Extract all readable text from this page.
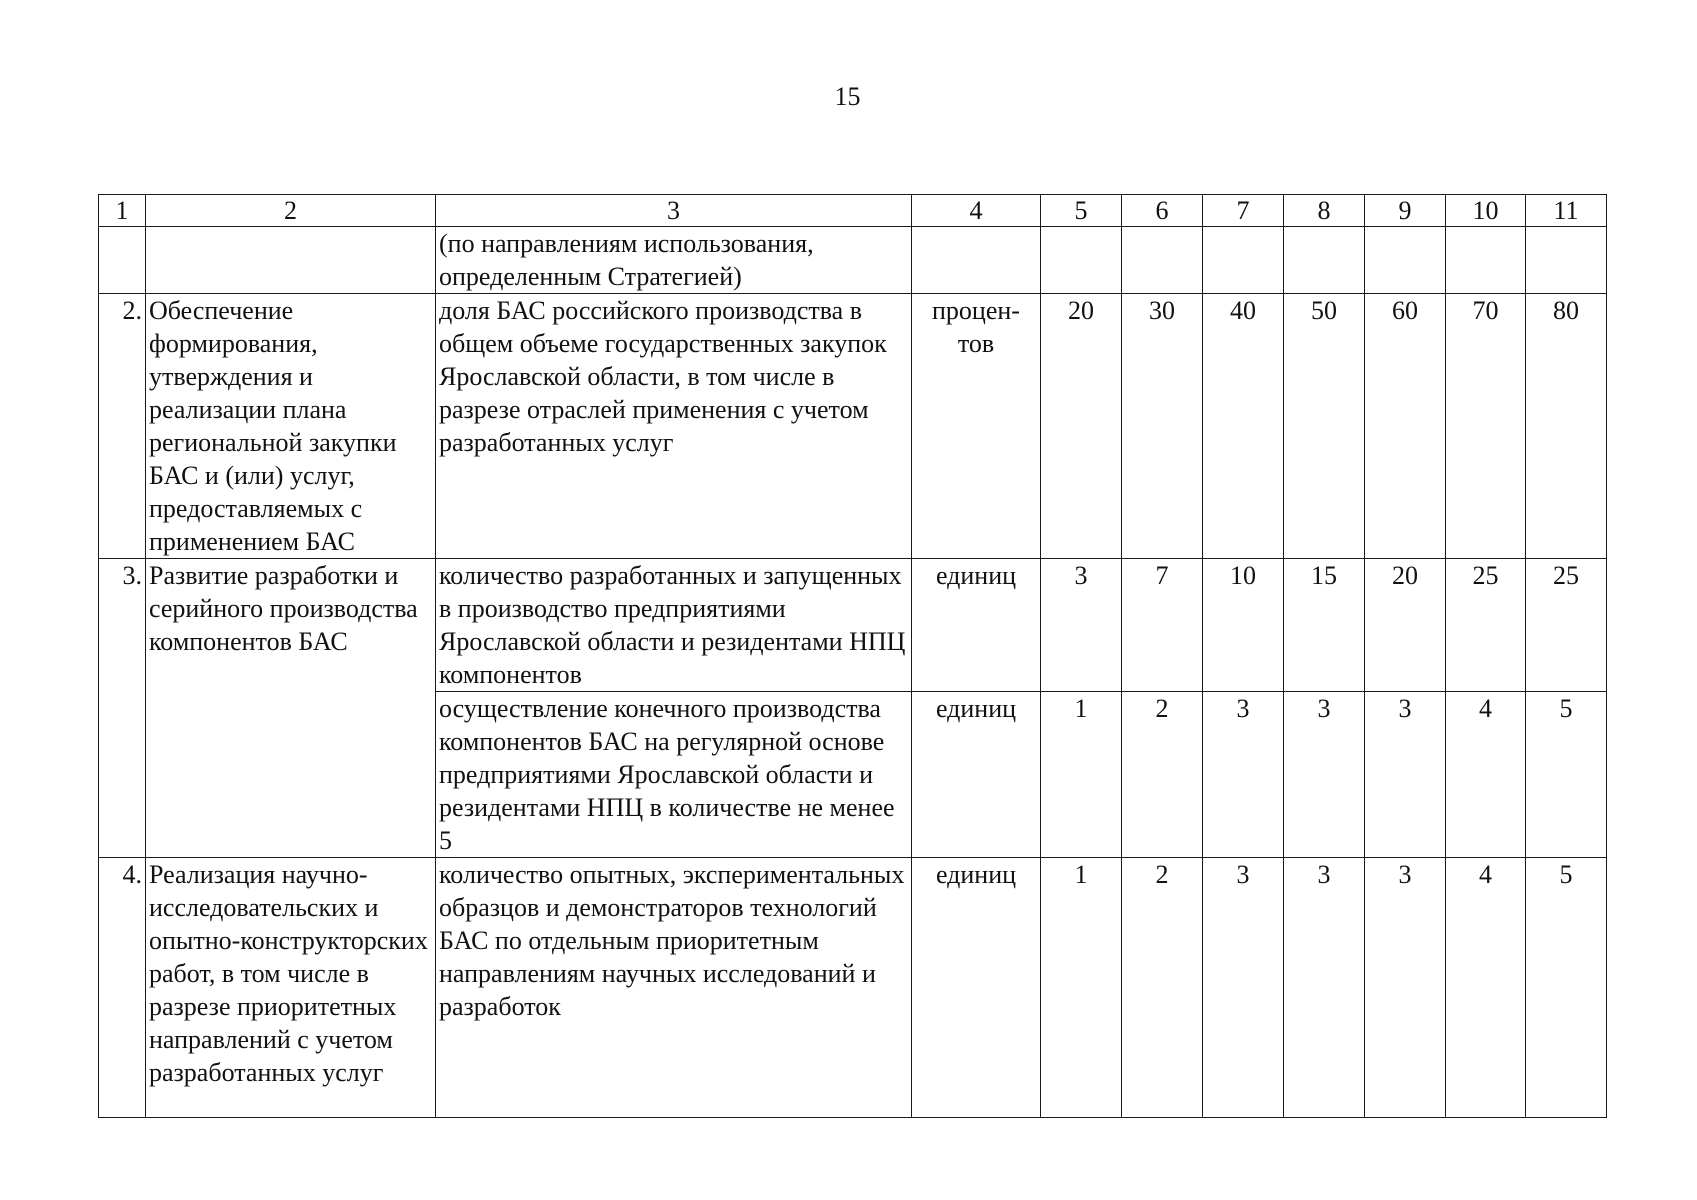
15
1	2	3	4	5	6	7	8	9	10	11
		(по направлениям использования, определенным Стратегией)								
2.	Обеспечение формирования, утверждения и реализации плана региональной закупки БАС и (или) услуг, предоставляемых с применением БАС	доля БАС российского производства в общем объеме государственных закупок Ярославской области, в том числе в разрезе отраслей применения с учетом разработанных услуг	процен-тов	20	30	40	50	60	70	80
3.	Развитие разработки и серийного производства компонентов БАС	количество разработанных и запущенных в производство предприятиями Ярославской области и резидентами НПЦ компонентов	единиц	3	7	10	15	20	25	25
		осуществление конечного производства компонентов БАС на регулярной основе предприятиями Ярославской области и резидентами НПЦ в количестве не менее 5	единиц	1	2	3	3	3	4	5
4.	Реализация научно-исследовательских и опытно-конструкторских работ, в том числе в разрезе приоритетных направлений с учетом разработанных услуг	количество опытных, экспериментальных образцов и демонстраторов технологий БАС по отдельным приоритетным направлениям научных исследований и разработок	единиц	1	2	3	3	3	4	5
